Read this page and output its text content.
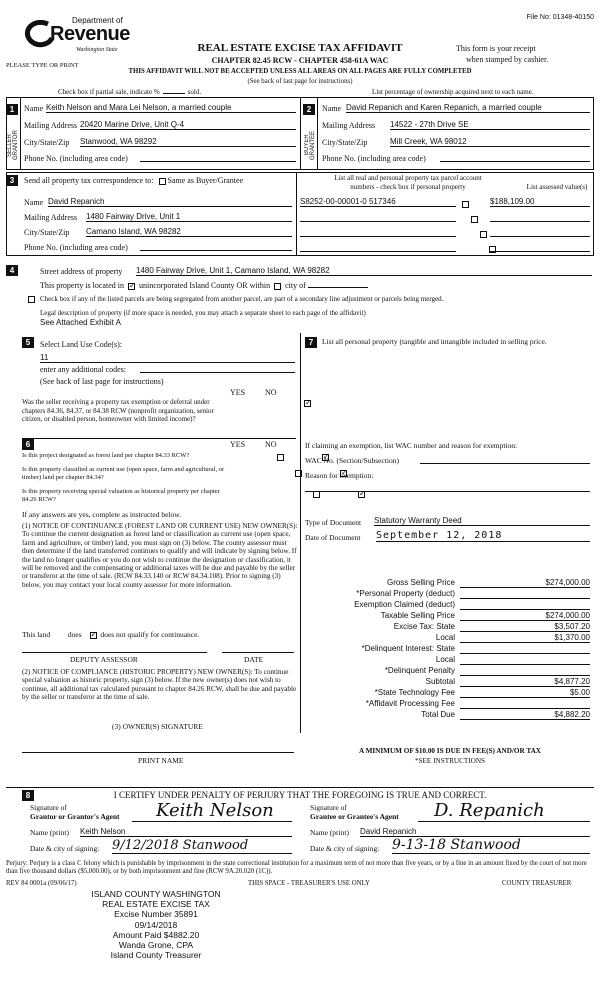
File No: 01348-40150
Department of
Revenue
Washington State
PLEASE TYPE OR PRINT
REAL ESTATE EXCISE TAX AFFIDAVIT
CHAPTER 82.45 RCW - CHAPTER 458-61A WAC
This form is your receipt
when stamped by cashier.
THIS AFFIDAVIT WILL NOT BE ACCEPTED UNLESS ALL AREAS ON ALL PAGES ARE FULLY COMPLETED
(See back of last page for instructions)
Check box if partial sale, indicate %	sold.	List percentage of ownership acquired next to each name.
1
SELLER GRANTOR
Name Keith Nelson and Mara Lei Nelson, a married couple
Mailing Address 20420 Marine Drive, Unit Q-4
City/State/Zip Stanwood, WA 98292
Phone No. (including area code)
2
BUYER GRANTEE
Name David Repanich and Karen Repanich, a married couple
Mailing Address 14522 - 27th Drive SE
City/State/Zip	Mill Creek, WA 98012
Phone No. (including area code)
3	Send all property tax correspondence to: Same as Buyer/Grantee
Name David Repanich
Mailing Address 1480 Fairway Drive, Unit 1
City/State/Zip Camano Island, WA 98282
Phone No. (including area code)
List all real and personal property tax parcel account
numbers - check box if personal property	List assessed value(s)
S8252-00-00001-0 517346
	$188,109.00

4	Street address of property 1480 Fairway Drive, Unit 1, Camano Island, WA 98282
This property is located in ✓ unincorporated Island County OR within city of
Check box if any of the listed parcels are being segregated from another parcel, are part of a secondary line adjustment or parcels being merged.
Legal description of property (if more space is needed, you may attach a separate sheet to each page of the affidavit)
See Attached Exhibit A
5	Select Land Use Code(s):
11
enter any additional codes:
(See back of last page for instructions)
YES NO
Was the seller receiving a property tax exemption or deferral under chapters 84.36, 84.37, or 84.38 RCW (nonprofit organization, senior citizen, or disabled person, homeowner with limited income)?
✓
6	YES NO
Is this project designated as forest land per chapter 84.33 RCW?
✓
Is this property classified as current use (open space, farm and agricultural, or timber) land per chapter 84.34?
✓
Is this property receiving special valuation as historical property per chapter 84.26 RCW?
✓
If any answers are yes, complete as instructed below.
(1) NOTICE OF CONTINUANCE (FOREST LAND OR CURRENT USE) NEW OWNER(S): To continue the current designation as forest land or classification as current use (open space, farm and agriculture, or timber) land, you must sign on (3) below. The county assessor must then determine if the land transferred continues to qualify and will indicate by signing below. If the land no longer qualifies or you do not wish to continue the designation or classification, it will be removed and the compensating or additional taxes will be due and payable by the seller or transferor at the time of sale. (RCW 84.33.140 or RCW 84.34.108). Prior to signing (3) below, you may contact your local county assessor for more information.
This land does ✓	does not qualify for continuance.
DEPUTY ASSESSOR	DATE
(2) NOTICE OF COMPLIANCE (HISTORIC PROPERTY) NEW OWNER(S): To continue special valuation as historic property, sign (3) below. If the new owner(s) does not wish to continue, all additional tax calculated pursuant to chapter 84.26 RCW, shall be due and payable by the seller or transferor at the time of sale.
(3) OWNER(S) SIGNATURE
PRINT NAME
7	List all personal property (tangible and intangible included in selling price.
If claiming an exemption, list WAC number and reason for exemption:
WAC No. (Section/Subsection)
Reason for exemption:
Type of Document Statutory Warranty Deed
Date of Document September 12, 2018
Gross Selling Price	$274,000.00
*Personal Property (deduct)
Exemption Claimed (deduct)
Taxable Selling Price	$274,000.00
Excise Tax: State	$3,507.20
Local	$1,370.00
*Delinquent Interest: State
Local
*Delinquent Penalty
Subtotal	$4,877.20
*State Technology Fee	$5.00
*Affidavit Processing Fee
Total Due	$4,882.20
A MINIMUM OF $10.00 IS DUE IN FEE(S) AND/OR TAX
*SEE INSTRUCTIONS
8	I CERTIFY UNDER PENALTY OF PERJURY THAT THE FOREGOING IS TRUE AND CORRECT.
Signature of
Grantor or Grantor's Agent	Keith Nelson	Signature of
Grantee or Grantee's Agent	D. Repanich
Name (print) Keith Nelson	Name (print) David Repanich
Date & city of signing: 9/12/2018 Stanwood	Date & city of signing: 9-13-18 Stanwood
Perjury: Perjury is a class C felony which is punishable by imprisonment in the state correctional institution for a maximum term of not more than five years, or by a fine in an amount fixed by the court of not more than five thousand dollars ($5,000.00), or by both imprisonment and fine (RCW 9A.20.020 (1C)).
REV 84 0001a (09/06/17)	THIS SPACE - TREASURER'S USE ONLY	COUNTY TREASURER
ISLAND COUNTY WASHINGTON
REAL ESTATE EXCISE TAX
Excise Number 35891
09/14/2018
Amount Paid $4882.20
Wanda Grone, CPA
Island County Treasurer
